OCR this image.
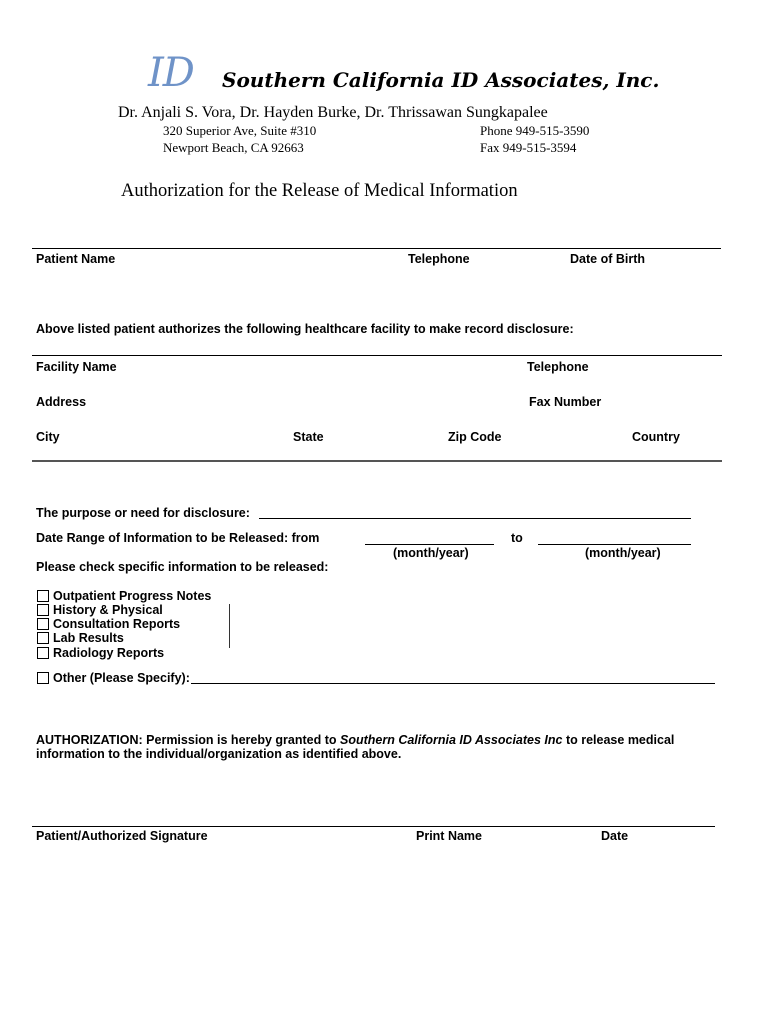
ID Southern California ID Associates, Inc.
Dr. Anjali S. Vora, Dr. Hayden Burke, Dr. Thrissawan Sungkapalee
320 Superior Ave, Suite #310
Newport Beach, CA 92663
Phone 949-515-3590
Fax 949-515-3594
Authorization for the Release of Medical Information
Patient Name	Telephone	Date of Birth
Above listed patient authorizes the following healthcare facility to make record disclosure:
Facility Name	Telephone
Address	Fax Number
City	State	Zip Code	Country
The purpose or need for disclosure:
Date Range of Information to be Released: from
(month/year)
to
(month/year)
Please check specific information to be released:
Outpatient Progress Notes
History & Physical
Consultation Reports
Lab Results
Radiology Reports
Other (Please Specify):
AUTHORIZATION: Permission is hereby granted to Southern California ID Associates Inc to release medical
information to the individual/organization as identified above.
Patient/Authorized Signature	Print Name	Date
